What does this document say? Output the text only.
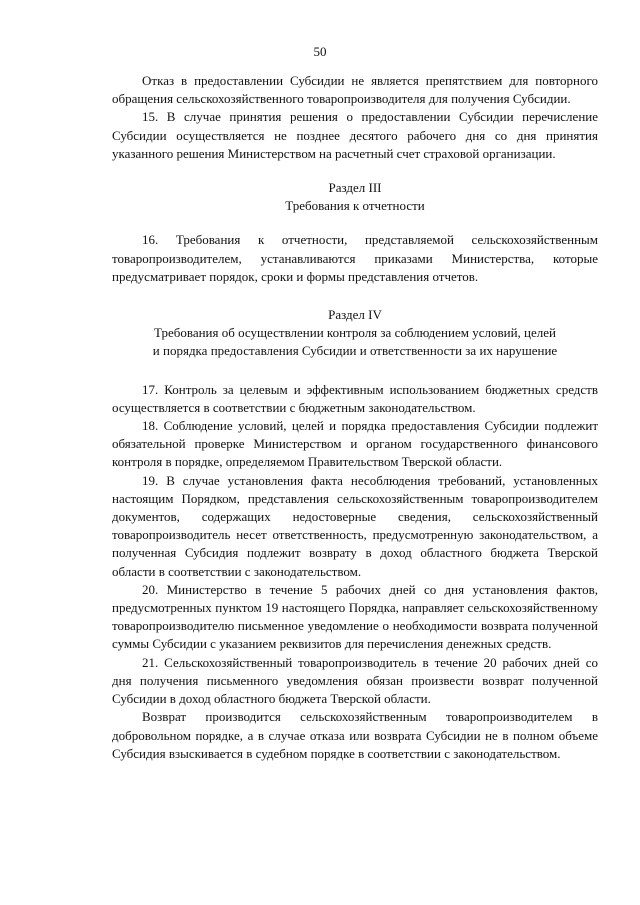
50

Отказ в предоставлении Субсидии не является препятствием для повторного обращения сельскохозяйственного товаропроизводителя для получения Субсидии.

15. В случае принятия решения о предоставлении Субсидии перечисление Субсидии осуществляется не позднее десятого рабочего дня со дня принятия указанного решения Министерством на расчетный счет страховой организации.

Раздел III
Требования к отчетности

16. Требования к отчетности, представляемой сельскохозяйственным товаропроизводителем, устанавливаются приказами Министерства, которые предусматривает порядок, сроки и формы представления отчетов.

Раздел IV
Требования об осуществлении контроля за соблюдением условий, целей
и порядка предоставления Субсидии и ответственности за их нарушение

17. Контроль за целевым и эффективным использованием бюджетных средств осуществляется в соответствии с бюджетным законодательством.

18. Соблюдение условий, целей и порядка предоставления Субсидии подлежит обязательной проверке Министерством и органом государственного финансового контроля в порядке, определяемом Правительством Тверской области.

19. В случае установления факта несоблюдения требований, установленных настоящим Порядком, представления сельскохозяйственным товаропроизводителем документов, содержащих недостоверные сведения, сельскохозяйственный товаропроизводитель несет ответственность, предусмотренную законодательством, а полученная Субсидия подлежит возврату в доход областного бюджета Тверской области в соответствии с законодательством.

20. Министерство в течение 5 рабочих дней со дня установления фактов, предусмотренных пунктом 19 настоящего Порядка, направляет сельскохозяйственному товаропроизводителю письменное уведомление о необходимости возврата полученной суммы Субсидии с указанием реквизитов для перечисления денежных средств.

21. Сельскохозяйственный товаропроизводитель в течение 20 рабочих дней со дня получения письменного уведомления обязан произвести возврат полученной Субсидии в доход областного бюджета Тверской области.

Возврат производится сельскохозяйственным товаропроизводителем в добровольном порядке, а в случае отказа или возврата Субсидии не в полном объеме Субсидия взыскивается в судебном порядке в соответствии с законодательством.
